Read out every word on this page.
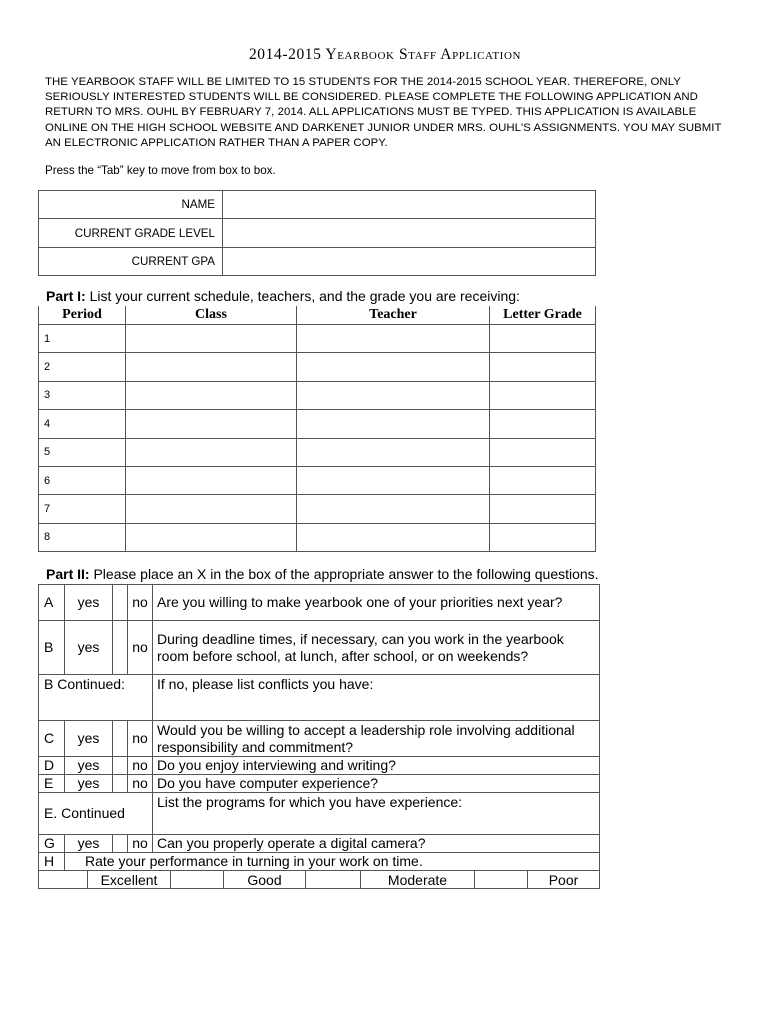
2014-2015 Yearbook Staff Application
THE YEARBOOK STAFF WILL BE LIMITED TO 15 STUDENTS FOR THE 2014-2015 SCHOOL YEAR. THEREFORE, ONLY SERIOUSLY INTERESTED STUDENTS WILL BE CONSIDERED. PLEASE COMPLETE THE FOLLOWING APPLICATION AND RETURN TO MRS. OUHL BY FEBRUARY 7, 2014. ALL APPLICATIONS MUST BE TYPED. THIS APPLICATION IS AVAILABLE ONLINE ON THE HIGH SCHOOL WEBSITE AND DARKENET JUNIOR UNDER MRS. OUHL'S ASSIGNMENTS. YOU MAY SUBMIT AN ELECTRONIC APPLICATION RATHER THAN A PAPER COPY.
Press the “Tab” key to move from box to box.
NAME	
CURRENT GRADE LEVEL	
CURRENT GPA	
Part I: List your current schedule, teachers, and the grade you are receiving:
Period	Class	Teacher	Letter Grade
1			
2			
3			
4			
5			
6			
7			
8			
Part II: Please place an X in the box of the appropriate answer to the following questions.
A	yes		no	Are you willing to make yearbook one of your priorities next year?
B	yes		no	During deadline times, if necessary, can you work in the yearbook room before school, at lunch, after school, or on weekends?
B Continued:				If no, please list conflicts you have:
C	yes		no	Would you be willing to accept a leadership role involving additional responsibility and commitment?
D	yes		no	Do you enjoy interviewing and writing?
E	yes		no	Do you have computer experience?
E. Continued				List the programs for which you have experience:
G	yes		no	Can you properly operate a digital camera?
H	Rate your performance in turning in your work on time.			
	Excellent		Good		Moderate		Poor
